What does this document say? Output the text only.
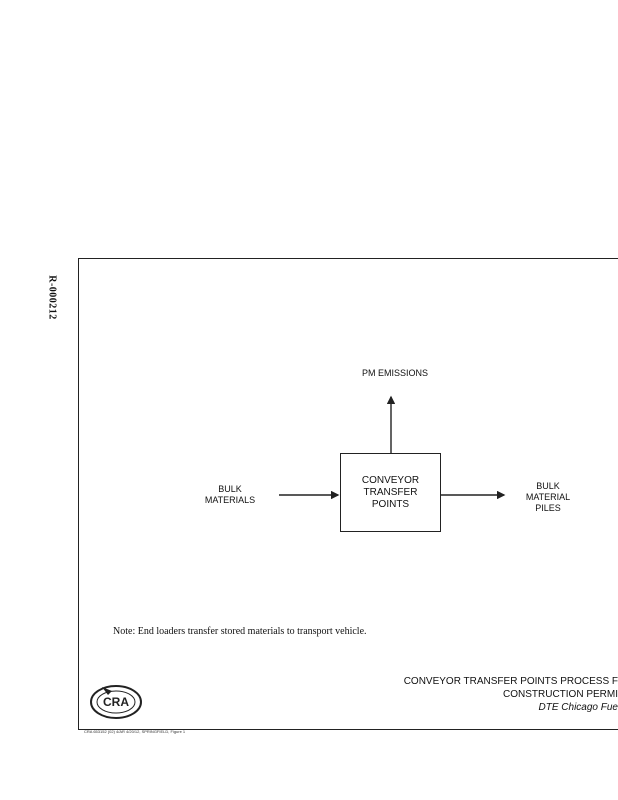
R-000212
PM EMISSIONS
BULK
MATERIALS
CONVEYOR
TRANSFER
POINTS
BULK
MATERIAL
PILES
Note: End loaders transfer stored materials to transport vehicle.
CRA
CONVEYOR TRANSFER POINTS PROCESS F
CONSTRUCTION PERMI
DTE Chicago Fue
CRA 653152 (02) 4/AR 4/20/12, SPRINGFIELD, Figure 1
